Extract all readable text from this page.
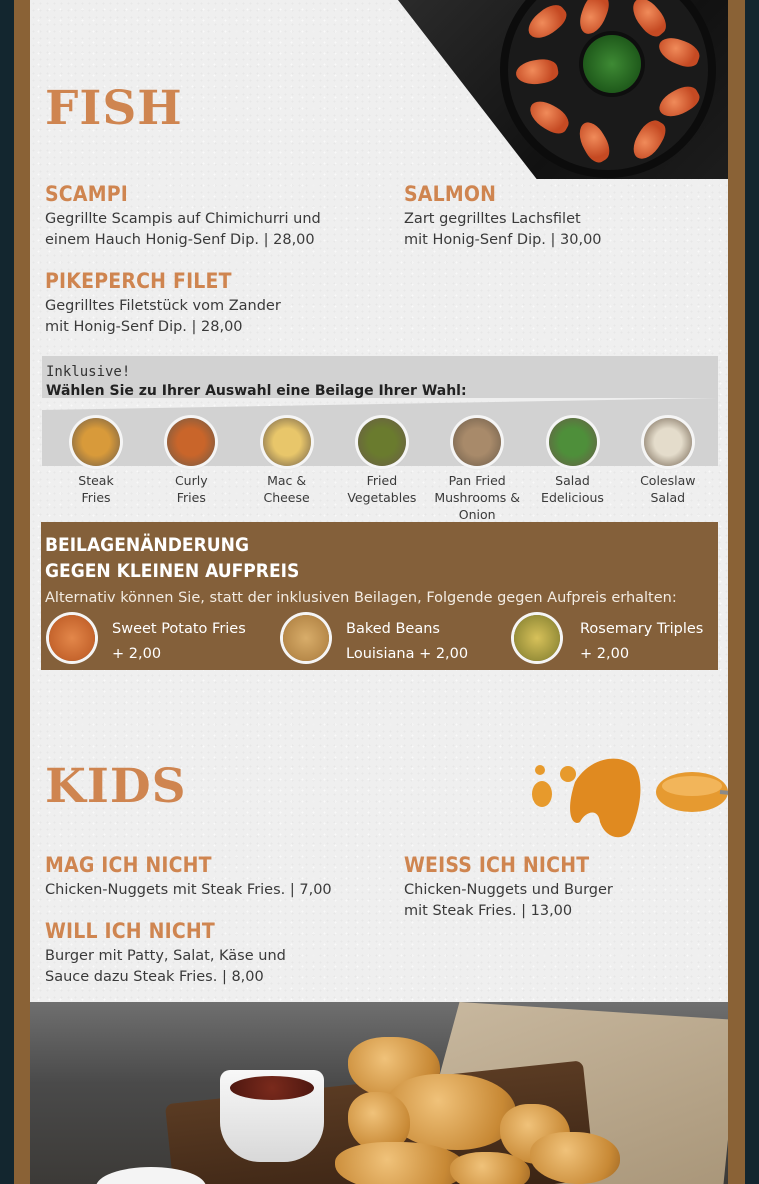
FISH
SCAMPI
Gegrillte Scampis auf Chimichurri und
einem Hauch Honig-Senf Dip. | 28,00
SALMON
Zart gegrilltes Lachsfilet
mit Honig-Senf Dip. | 30,00
PIKEPERCH FILET
Gegrilltes Filetstück vom Zander
mit Honig-Senf Dip. | 28,00
Inklusive!
Wählen Sie zu Ihrer Auswahl eine Beilage Ihrer Wahl:
Steak
Fries
Curly
Fries
Mac &
Cheese
Fried
Vegetables
Pan Fried
Mushrooms &
Onion
Salad
Edelicious
Coleslaw
Salad
BEILAGENÄNDERUNG
GEGEN KLEINEN AUFPREIS
Alternativ können Sie, statt der inklusiven Beilagen, Folgende gegen Aufpreis erhalten:
Sweet Potato Fries
+ 2,00
Baked Beans
Louisiana + 2,00
Rosemary Triples
+ 2,00
KIDS
MAG ICH NICHT
Chicken-Nuggets mit Steak Fries. | 7,00
WEISS ICH NICHT
Chicken-Nuggets und Burger
mit Steak Fries. | 13,00
WILL ICH NICHT
Burger mit Patty, Salat, Käse und
Sauce dazu Steak Fries. | 8,00
